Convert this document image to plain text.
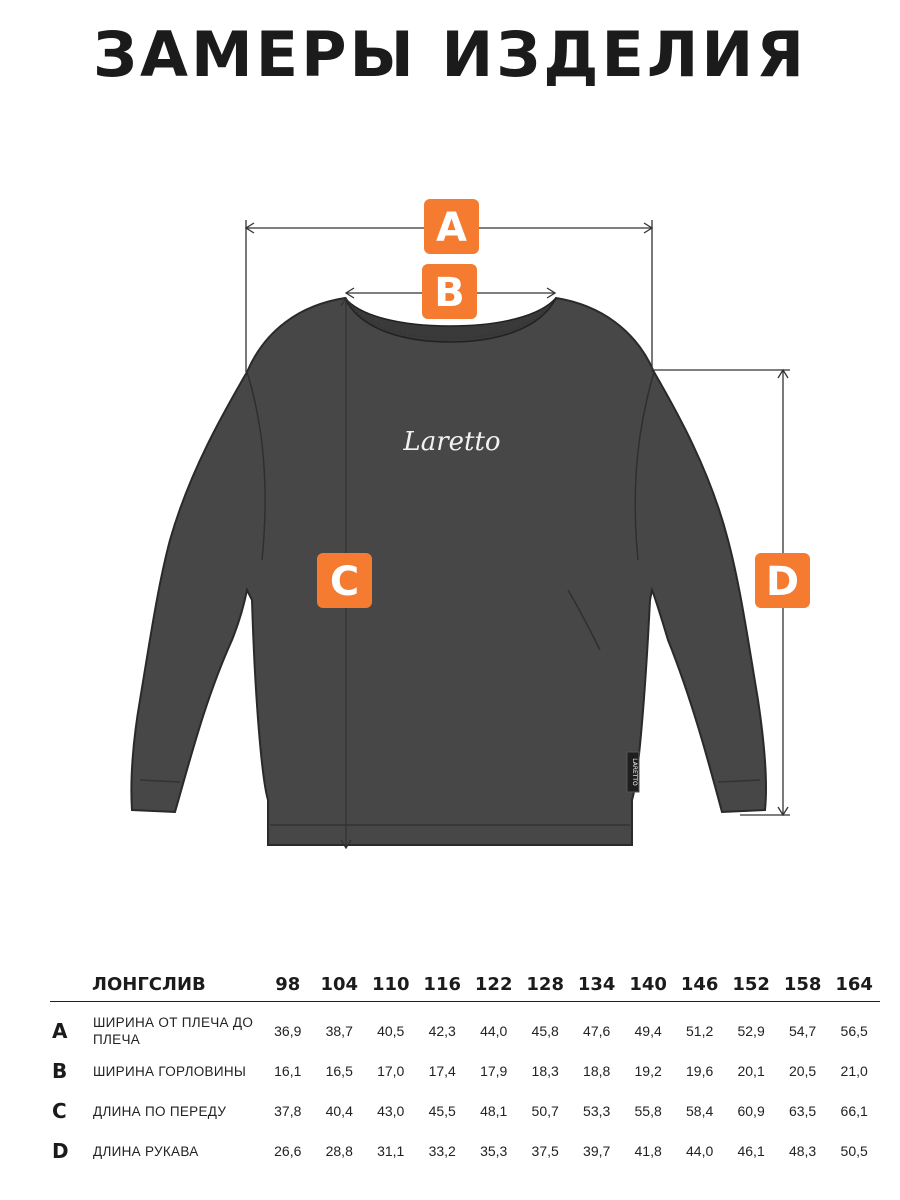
ЗАМЕРЫ ИЗДЕЛИЯ
Laretto
LARETTO
A
B
C	D
ЛОНГСЛИВ		98	104	110	116	122	128	134	140	146	152	158	164
A	ШИРИНА ОТ ПЛЕЧА ДО ПЛЕЧА	36,9	38,7	40,5	42,3	44,0	45,8	47,6	49,4	51,2	52,9	54,7	56,5
B	ШИРИНА ГОРЛОВИНЫ	16,1	16,5	17,0	17,4	17,9	18,3	18,8	19,2	19,6	20,1	20,5	21,0
C	ДЛИНА ПО ПЕРЕДУ	37,8	40,4	43,0	45,5	48,1	50,7	53,3	55,8	58,4	60,9	63,5	66,1
D	ДЛИНА РУКАВА	26,6	28,8	31,1	33,2	35,3	37,5	39,7	41,8	44,0	46,1	48,3	50,5
